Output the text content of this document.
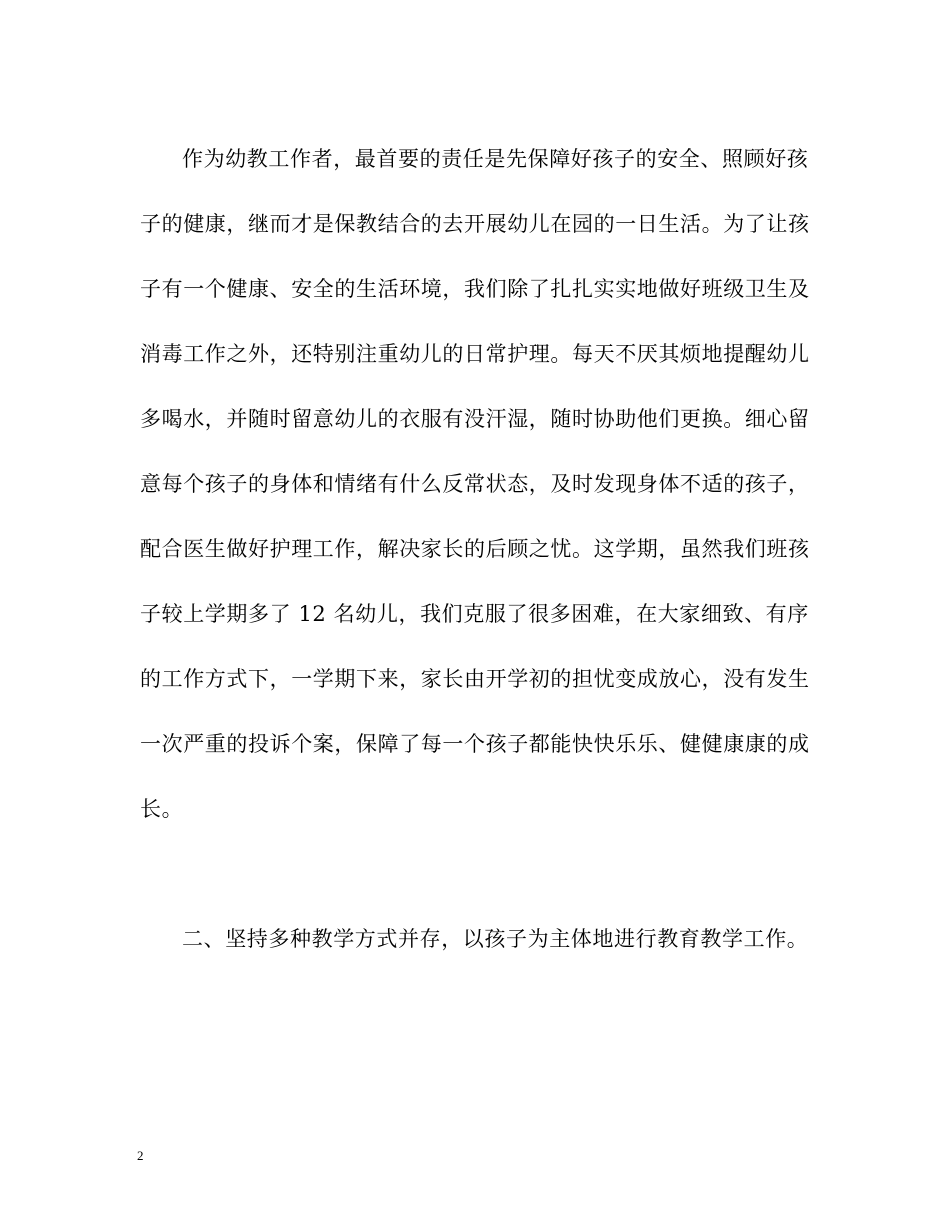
作为幼教工作者，最首要的责任是先保障好孩子的安全、照顾好孩
子的健康，继而才是保教结合的去开展幼儿在园的一日生活。为了让孩
子有一个健康、安全的生活环境，我们除了扎扎实实地做好班级卫生及
消毒工作之外，还特别注重幼儿的日常护理。每天不厌其烦地提醒幼儿
多喝水，并随时留意幼儿的衣服有没汗湿，随时协助他们更换。细心留
意每个孩子的身体和情绪有什么反常状态，及时发现身体不适的孩子，
配合医生做好护理工作，解决家长的后顾之忧。这学期，虽然我们班孩
子较上学期多了 12 名幼儿，我们克服了很多困难，在大家细致、有序
的工作方式下，一学期下来，家长由开学初的担忧变成放心，没有发生
一次严重的投诉个案，保障了每一个孩子都能快快乐乐、健健康康的成
长。
二、坚持多种教学方式并存，以孩子为主体地进行教育教学工作。
2
